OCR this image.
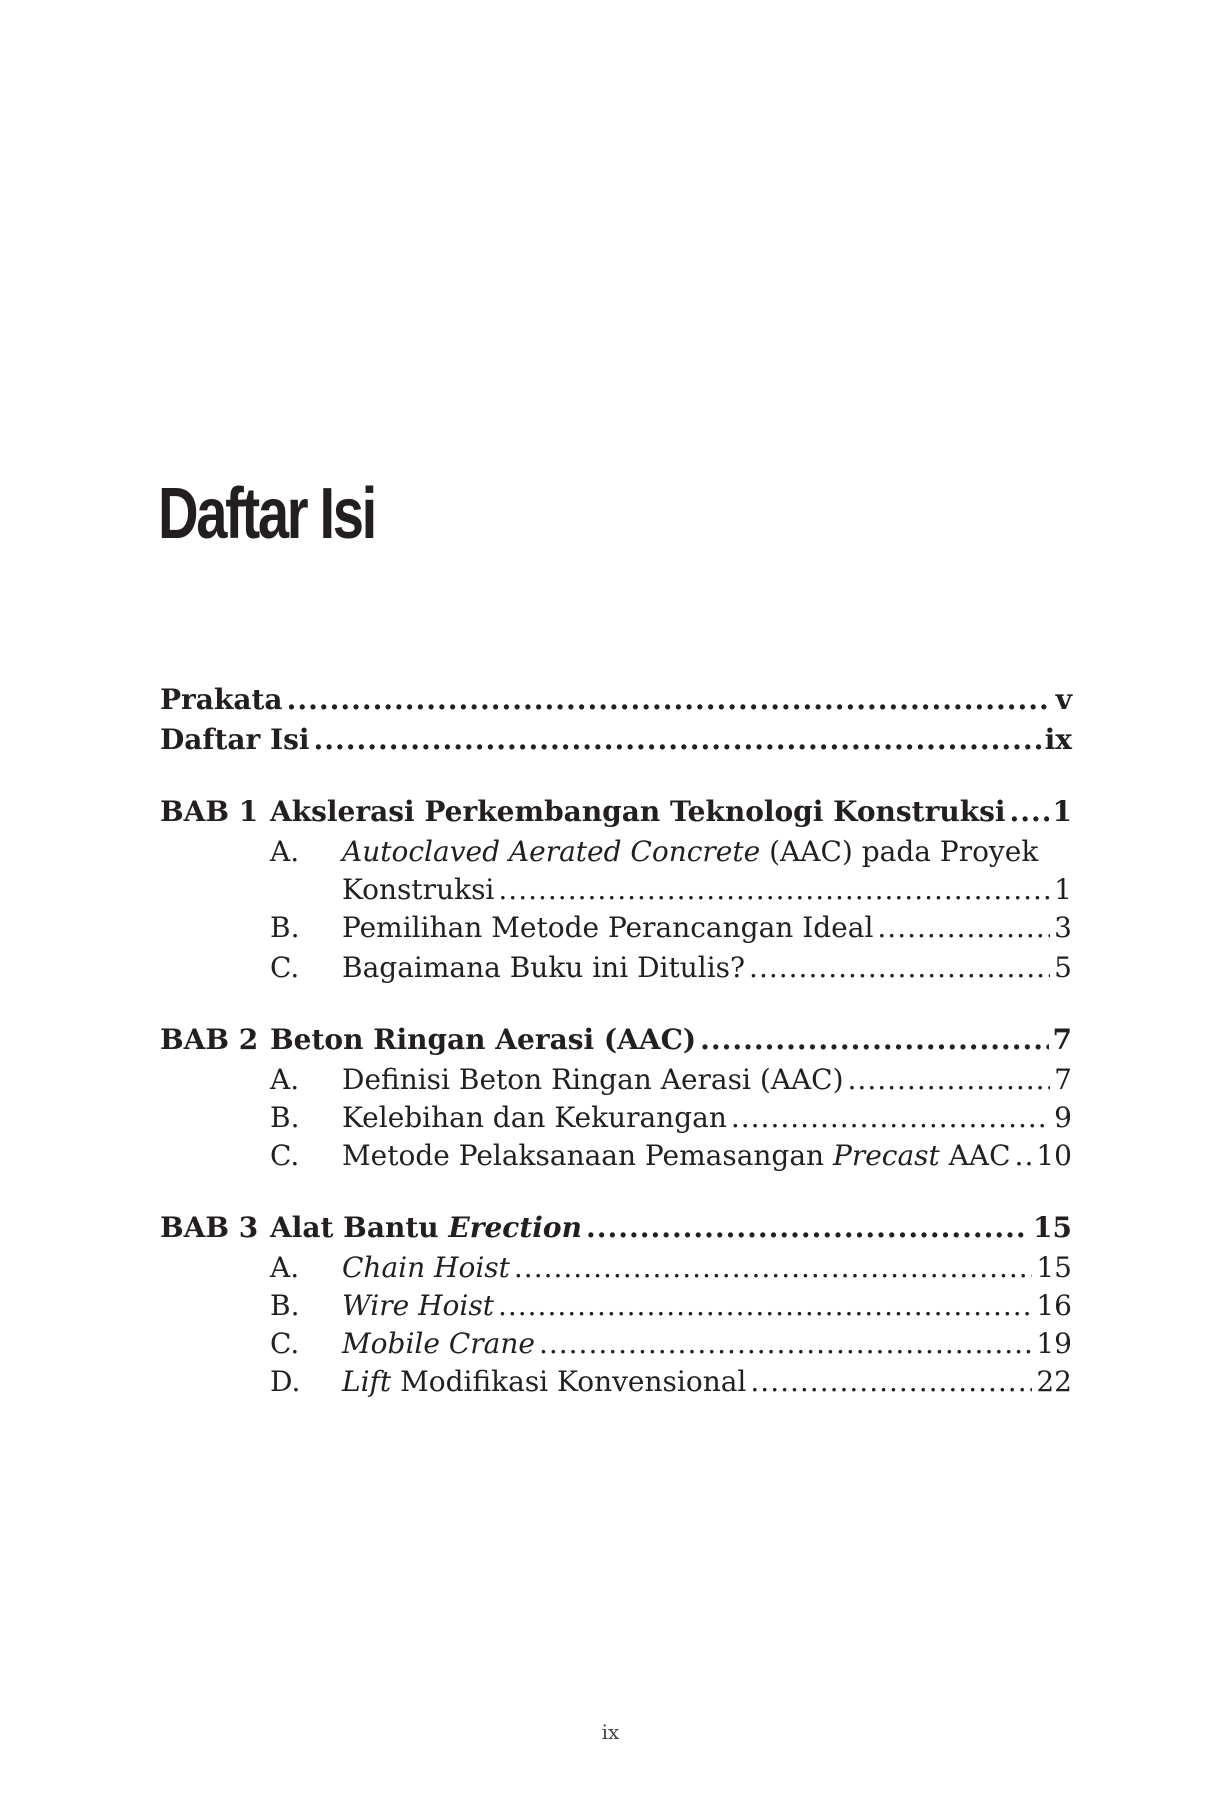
Daftar Isi
Prakata .....	v
Daftar Isi .....	ix
BAB 1 Akslerasi Perkembangan Teknologi Konstruksi ..... 1
A.	Autoclaved Aerated Concrete (AAC) pada Proyek
Konstruksi .....	1
B.	Pemilihan Metode Perancangan Ideal .....	3
C.	Bagaimana Buku ini Ditulis? .....	5
BAB 2 Beton Ringan Aerasi (AAC) .....	7
A.	Definisi Beton Ringan Aerasi (AAC) .....	7
B.	Kelebihan dan Kekurangan .....	9
C.	Metode Pelaksanaan Pemasangan Precast AAC ..... 10
BAB 3 Alat Bantu Erection .....	15
A.	Chain Hoist .....	15
B.	Wire Hoist .....	16
C.	Mobile Crane .....	19
D.	Lift Modifikasi Konvensional .....	22
ix
